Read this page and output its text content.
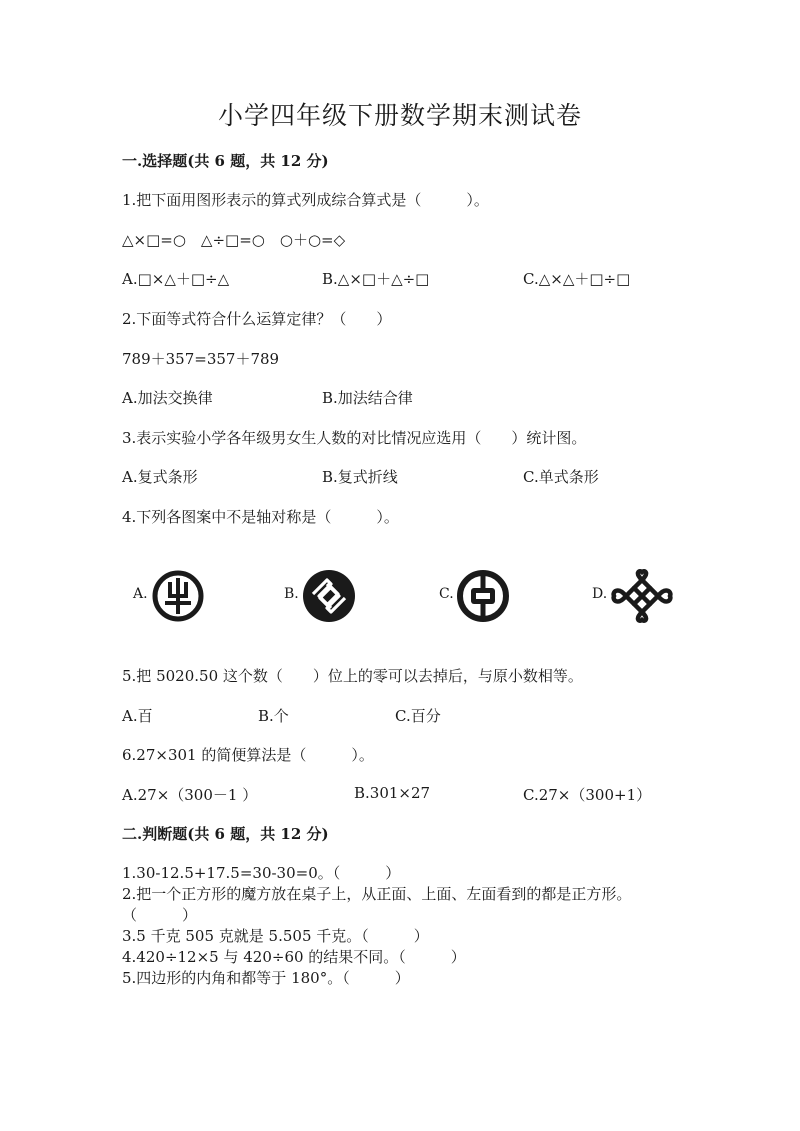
小学四年级下册数学期末测试卷
一.选择题(共 6 题，共 12 分)
1.把下面用图形表示的算式列成综合算式是（　　　）。
△×□=○　△÷□=○　○＋○=◇
A.□×△＋□÷△	B.△×□＋△÷□	C.△×△＋□÷□
2.下面等式符合什么运算定律？（　　）
789＋357=357＋789
A.加法交换律	B.加法结合律
3.表示实验小学各年级男女生人数的对比情况应选用（　　）统计图。
A.复式条形	B.复式折线	C.单式条形
4.下列各图案中不是轴对称是（　　　）。
A.	B.	C.	D.
5.把 5020.50 这个数（　　）位上的零可以去掉后，与原小数相等。
A.百	B.个	C.百分
6.27×301 的简便算法是（　　　）。
A.27×（300－1 ）	B.301×27	C.27×（300+1）
二.判断题(共 6 题，共 12 分)
1.30-12.5+17.5=30-30=0。（　　　）
2.把一个正方形的魔方放在桌子上，从正面、上面、左面看到的都是正方形。
（　　　）
3.5 千克 505 克就是 5.505 千克。（　　　）
4.420÷12×5 与 420÷60 的结果不同。（　　　）
5.四边形的内角和都等于 180°。（　　　）
